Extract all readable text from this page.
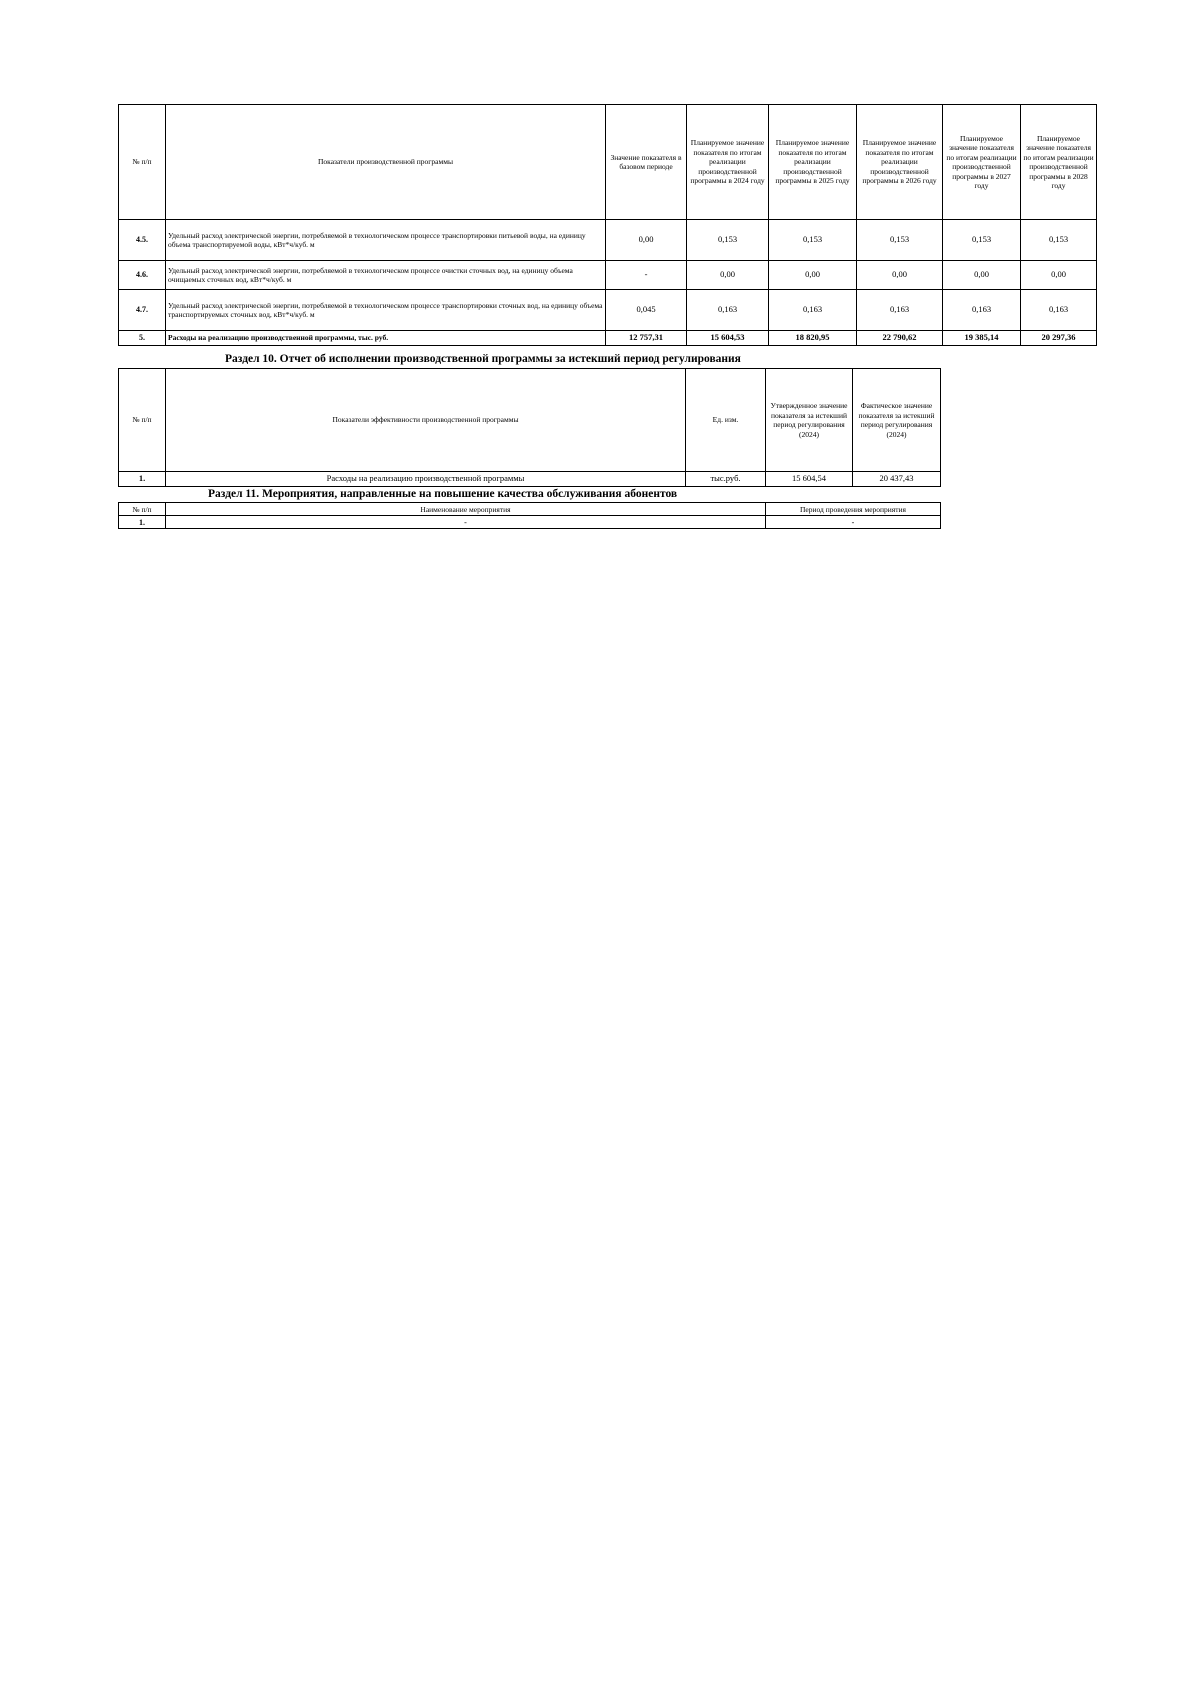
№ п/п	Показатели производственной программы	Значение показателя в базовом периоде	Планируемое значение показателя по итогам реализации производственной программы в 2024 году	Планируемое значение показателя по итогам реализации производственной программы в 2025 году	Планируемое значение показателя по итогам реализации производственной программы в 2026 году	Планируемое значение показателя по итогам реализации производственной программы в 2027 году	Планируемое значение показателя по итогам реализации производственной программы в 2028 году
4.5.	Удельный расход электрической энергии, потребляемой в технологическом процессе транспортировки питьевой воды, на единицу объема транспортируемой воды, кВт*ч/куб. м	0,00	0,153	0,153	0,153	0,153	0,153
4.6.	Удельный расход электрической энергии, потребляемой в технологическом процессе очистки сточных вод, на единицу объема очищаемых сточных вод, кВт*ч/куб. м	-	0,00	0,00	0,00	0,00	0,00
4.7.	Удельный расход электрической энергии, потребляемой в технологическом процессе транспортировки сточных вод, на единицу объема транспортируемых сточных вод, кВт*ч/куб. м	0,045	0,163	0,163	0,163	0,163	0,163
5.	Расходы на реализацию производственной программы, тыс. руб.	12 757,31	15 604,53	18 820,95	22 790,62	19 385,14	20 297,36
Раздел 10. Отчет об исполнении производственной программы за истекший период регулирования
№ п/п	Показатели эффективности производственной программы	Ед. изм.	Утвержденное значение показателя за истекший период регулирования (2024)	Фактическое значение показателя за истекший период регулирования (2024)
1.	Расходы на реализацию производственной программы	тыс.руб.	15 604,54	20 437,43
Раздел 11. Мероприятия, направленные на повышение качества обслуживания абонентов
№ п/п	Наименование мероприятия	Период проведения мероприятия
1.	-	-
